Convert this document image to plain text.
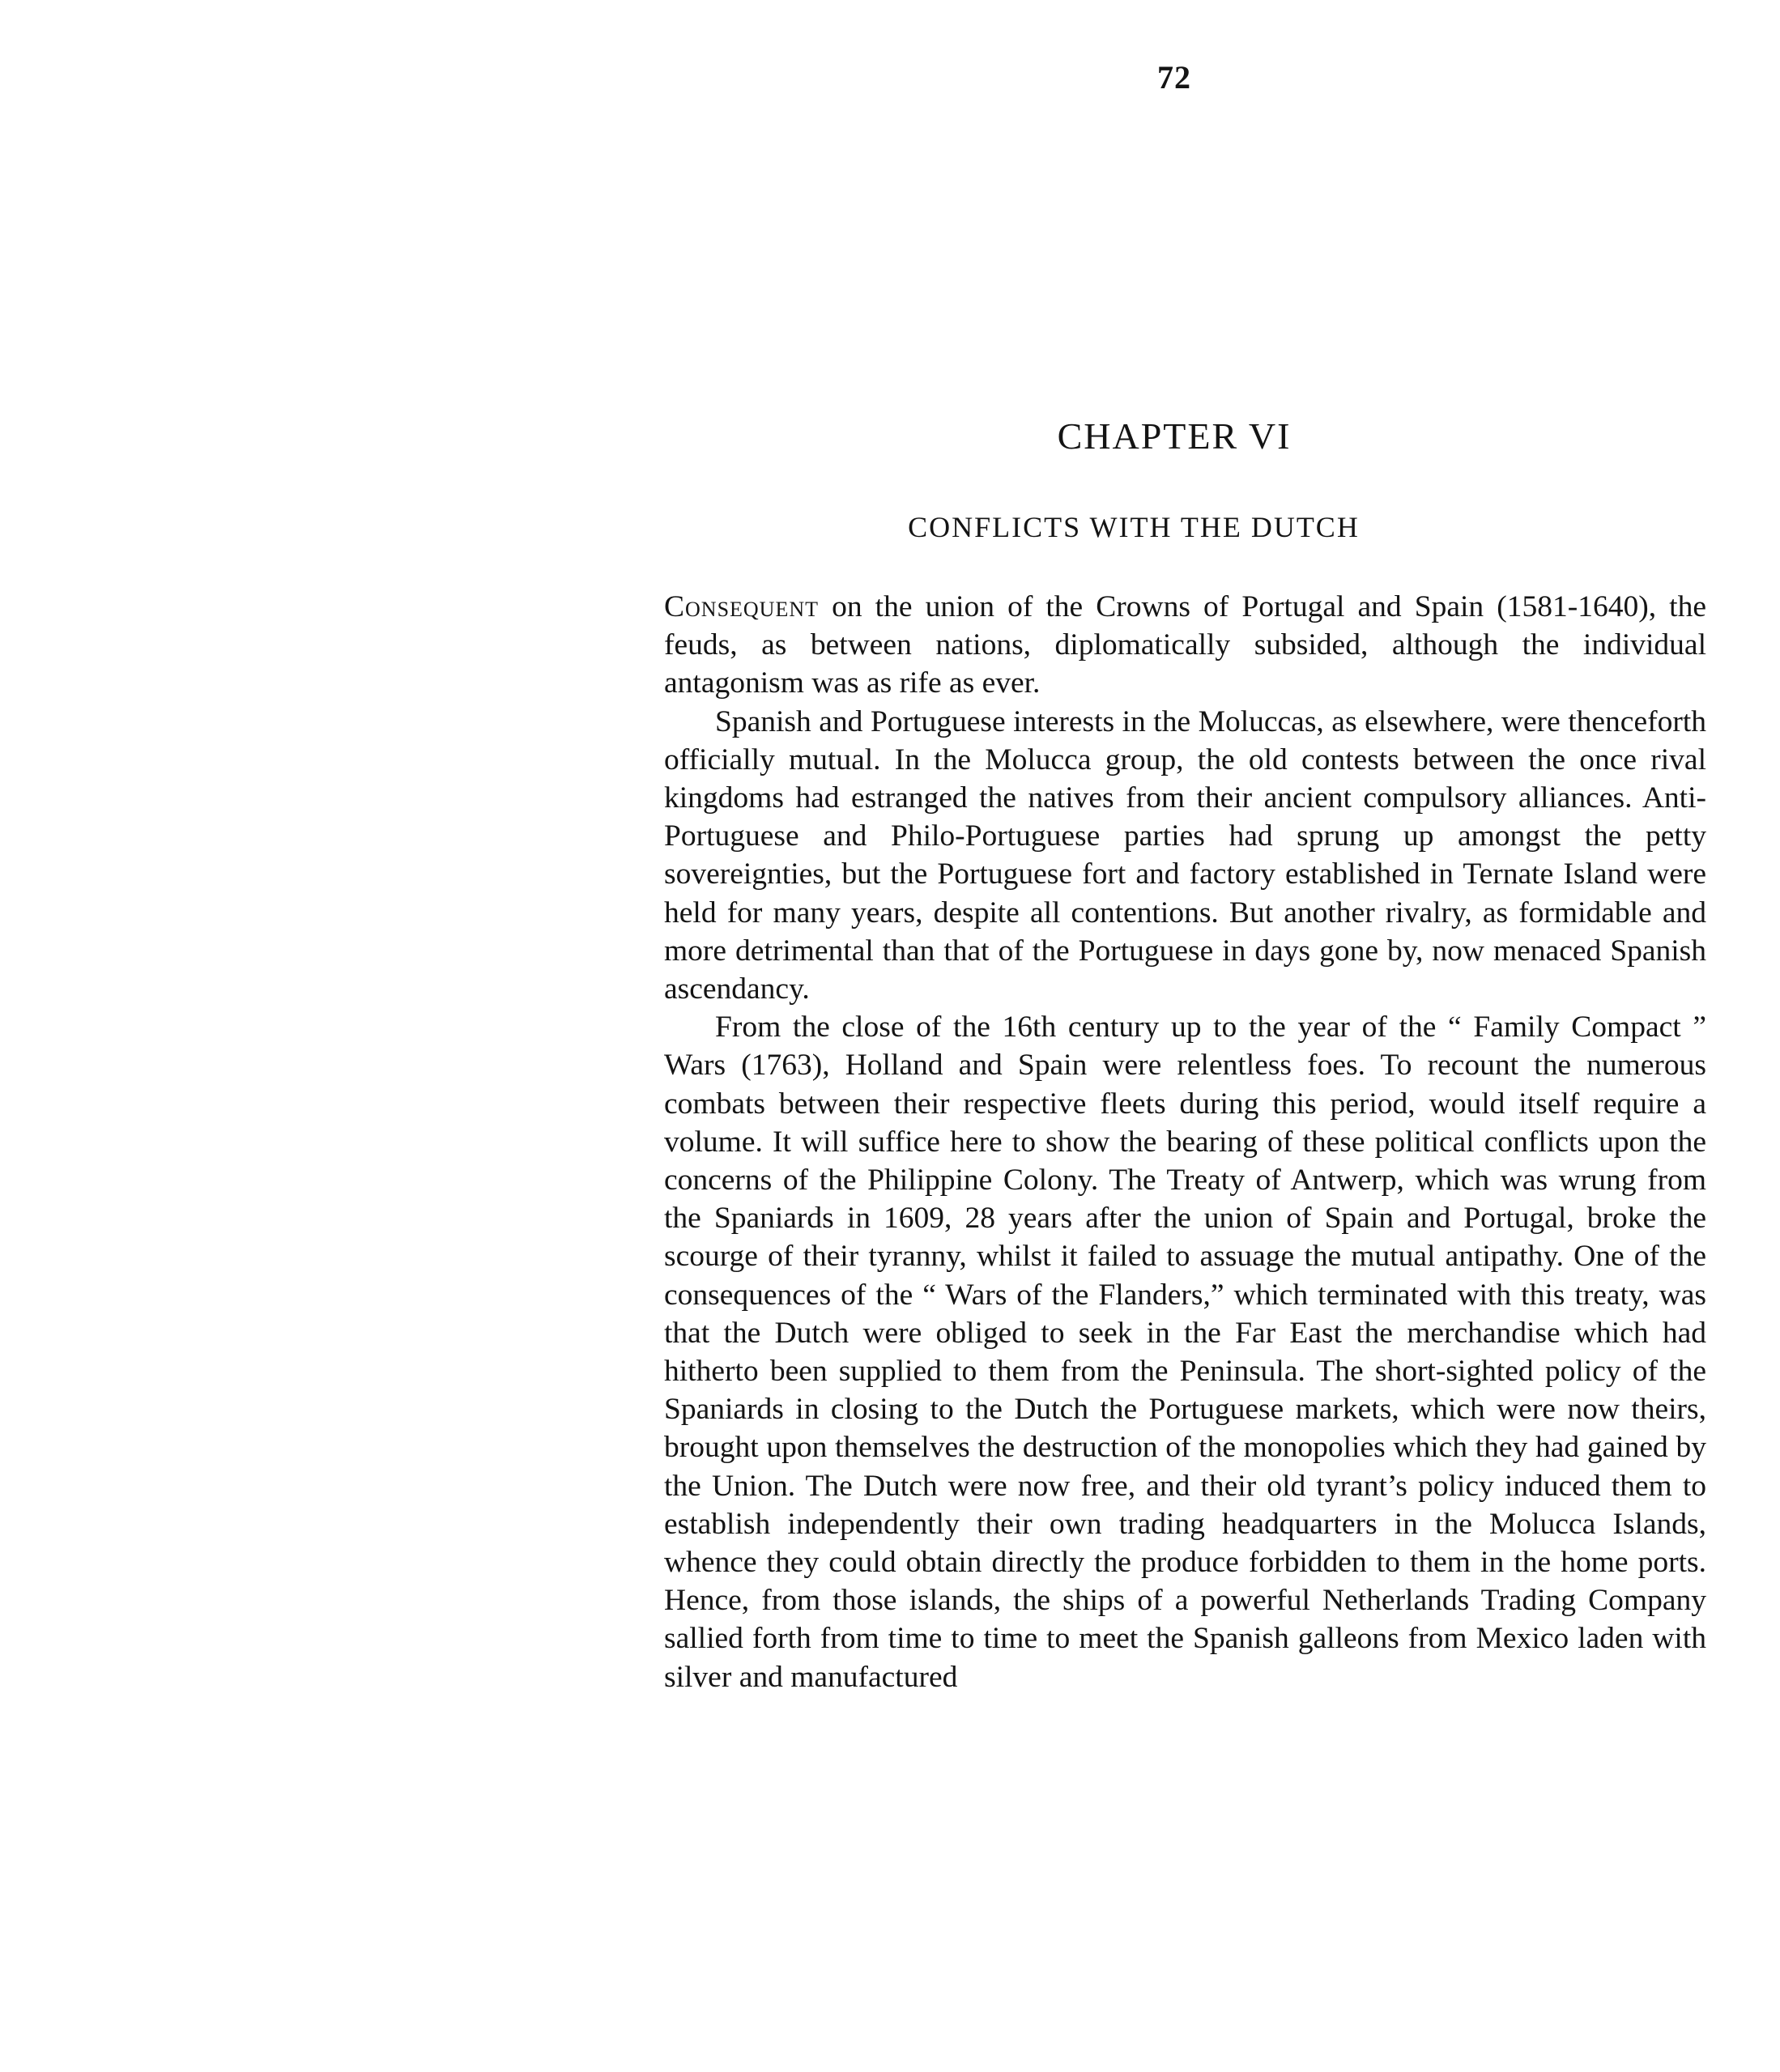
72
CHAPTER VI
CONFLICTS WITH THE DUTCH

Consequent on the union of the Crowns of Portugal and Spain (1581-1640), the feuds, as between nations, diplomatically subsided, although the individual antagonism was as rife as ever.

Spanish and Portuguese interests in the Moluccas, as elsewhere, were thenceforth officially mutual. In the Molucca group, the old contests between the once rival kingdoms had estranged the natives from their ancient compulsory alliances. Anti-Portuguese and Philo-Portuguese parties had sprung up amongst the petty sovereignties, but the Portuguese fort and factory established in Ternate Island were held for many years, despite all contentions. But another rivalry, as formidable and more detrimental than that of the Portuguese in days gone by, now menaced Spanish ascendancy.

From the close of the 16th century up to the year of the “ Family Compact ” Wars (1763), Holland and Spain were relentless foes. To recount the numerous combats between their respective fleets during this period, would itself require a volume. It will suffice here to show the bearing of these political conflicts upon the concerns of the Philippine Colony. The Treaty of Antwerp, which was wrung from the Spaniards in 1609, 28 years after the union of Spain and Portugal, broke the scourge of their tyranny, whilst it failed to assuage the mutual antipathy. One of the consequences of the “ Wars of the Flanders,” which terminated with this treaty, was that the Dutch were obliged to seek in the Far East the merchandise which had hitherto been supplied to them from the Peninsula. The short-sighted policy of the Spaniards in closing to the Dutch the Portuguese markets, which were now theirs, brought upon themselves the destruction of the monopolies which they had gained by the Union. The Dutch were now free, and their old tyrant’s policy induced them to establish independently their own trading headquarters in the Molucca Islands, whence they could obtain directly the produce forbidden to them in the home ports. Hence, from those islands, the ships of a powerful Netherlands Trading Company sallied forth from time to time to meet the Spanish galleons from Mexico laden with silver and manufactured
